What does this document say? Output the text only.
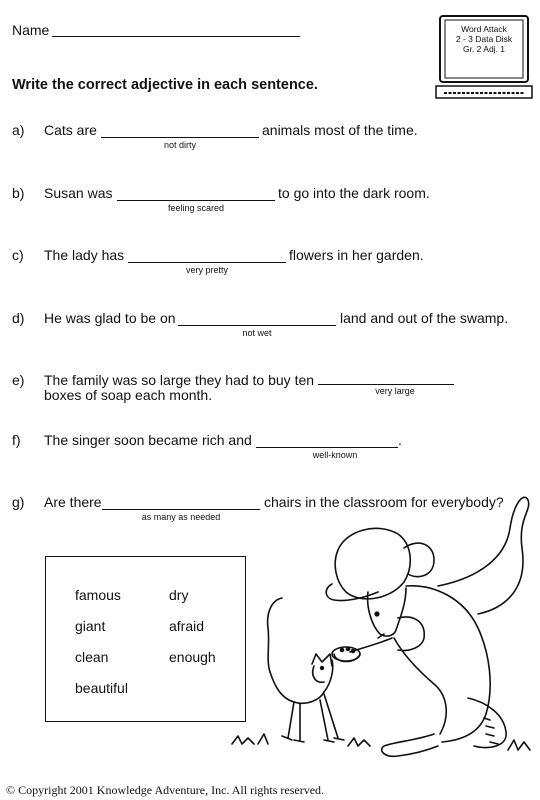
Name
Write the correct adjective in each sentence.
Word Attack
2 - 3 Data Disk
Gr. 2 Adj. 1
a) Cats are	animals most of the time.
not dirty
b) Susan was	to go into the dark room.
feeling scared
c) The lady has	flowers in her garden.
very pretty
d) He was glad to be on	land and out of the swamp.
not wet
e) The family was so large they had to buy ten
very large
boxes of soap each month.
f) The singer soon became rich and	.
well-known
g) Are there	chairs in the classroom for everybody?
as many as needed
famous	dry
giant	afraid
clean	enough
beautiful
© Copyright 2001 Knowledge Adventure, Inc. All rights reserved.
